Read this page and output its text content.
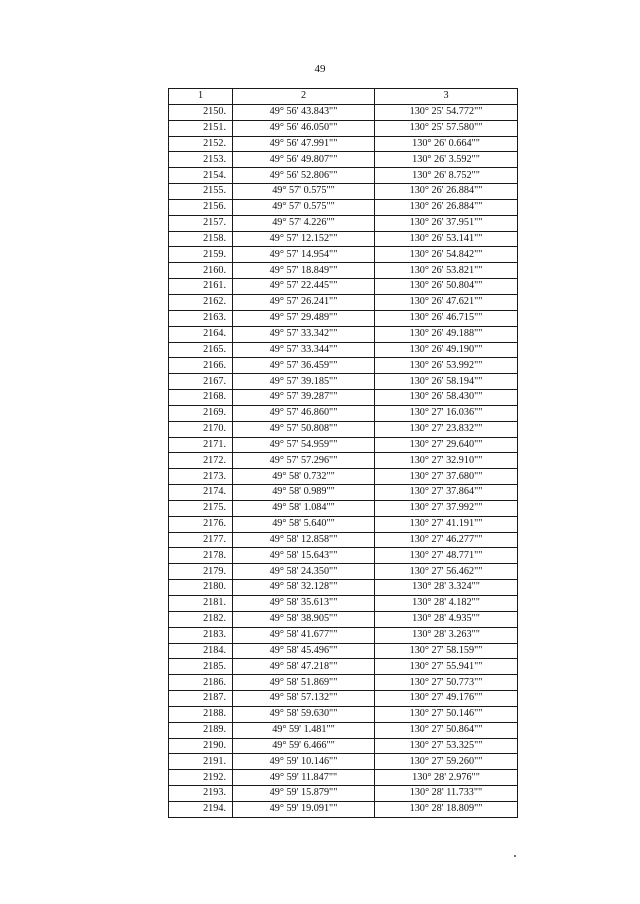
49
1	2	3
2150.	49° 56' 43.843""	130° 25' 54.772""
2151.	49° 56' 46.050""	130° 25' 57.580""
2152.	49° 56' 47.991""	130° 26' 0.664""
2153.	49° 56' 49.807""	130° 26' 3.592""
2154.	49° 56' 52.806""	130° 26' 8.752""
2155.	49° 57' 0.575""	130° 26' 26.884""
2156.	49° 57' 0.575""	130° 26' 26.884""
2157.	49° 57' 4.226""	130° 26' 37.951""
2158.	49° 57' 12.152""	130° 26' 53.141""
2159.	49° 57' 14.954""	130° 26' 54.842""
2160.	49° 57' 18.849""	130° 26' 53.821""
2161.	49° 57' 22.445""	130° 26' 50.804""
2162.	49° 57' 26.241""	130° 26' 47.621""
2163.	49° 57' 29.489""	130° 26' 46.715""
2164.	49° 57' 33.342""	130° 26' 49.188""
2165.	49° 57' 33.344""	130° 26' 49.190""
2166.	49° 57' 36.459""	130° 26' 53.992""
2167.	49° 57' 39.185""	130° 26' 58.194""
2168.	49° 57' 39.287""	130° 26' 58.430""
2169.	49° 57' 46.860""	130° 27' 16.036""
2170.	49° 57' 50.808""	130° 27' 23.832""
2171.	49° 57' 54.959""	130° 27' 29.640""
2172.	49° 57' 57.296""	130° 27' 32.910""
2173.	49° 58' 0.732""	130° 27' 37.680""
2174.	49° 58' 0.989""	130° 27' 37.864""
2175.	49° 58' 1.084""	130° 27' 37.992""
2176.	49° 58' 5.640""	130° 27' 41.191""
2177.	49° 58' 12.858""	130° 27' 46.277""
2178.	49° 58' 15.643""	130° 27' 48.771""
2179.	49° 58' 24.350""	130° 27' 56.462""
2180.	49° 58' 32.128""	130° 28' 3.324""
2181.	49° 58' 35.613""	130° 28' 4.182""
2182.	49° 58' 38.905""	130° 28' 4.935""
2183.	49° 58' 41.677""	130° 28' 3.263""
2184.	49° 58' 45.496""	130° 27' 58.159""
2185.	49° 58' 47.218""	130° 27' 55.941""
2186.	49° 58' 51.869""	130° 27' 50.773""
2187.	49° 58' 57.132""	130° 27' 49.176""
2188.	49° 58' 59.630""	130° 27' 50.146""
2189.	49° 59' 1.481""	130° 27' 50.864""
2190.	49° 59' 6.466""	130° 27' 53.325""
2191.	49° 59' 10.146""	130° 27' 59.260""
2192.	49° 59' 11.847""	130° 28' 2.976""
2193.	49° 59' 15.879""	130° 28' 11.733""
2194.	49° 59' 19.091""	130° 28' 18.809""
